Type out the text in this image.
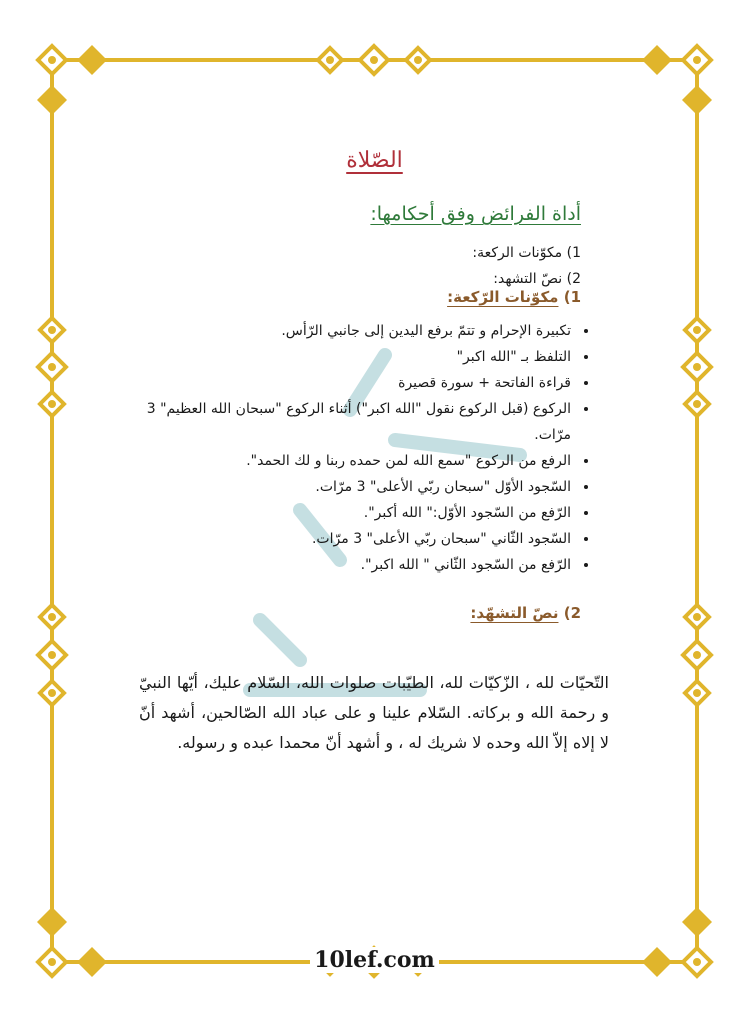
الصّلاة
أداة الفرائض وفق أحكامها:
1) مكوّنات الركعة:
2) نصّ التشهد:
1) مكوّنات الرّكعة:
• تكبيرة الإحرام و تتمّ برفع اليدين إلى جانبي الرّأس.
• التلفظ بـ "الله اكبر"
• قراءة الفاتحة + سورة قصيرة
• الركوع (قبل الركوع نقول "الله اكبر") أثناء الركوع "سبحان الله العظيم" 3 مرّات.
• الرفع من الركوع "سمع الله لمن حمده ربنا و لك الحمد".
• السّجود الأوّل "سبحان ربّي الأعلى" 3 مرّات.
• الرّفع من السّجود الأوّل:" الله أكبر".
• السّجود الثّاني "سبحان ربّي الأعلى" 3 مرّات.
• الرّفع من السّجود الثّاني " الله اكبر".
2) نصّ التشهّد:

التّحيّات لله ، الزّكيّات لله، الطيّبات صلوات الله، السّلام عليك، أيّها النبيّ و رحمة الله و بركاته. السّلام علينا و على عباد الله الصّالحين، أشهد أنّ لا إلاه إلاّ الله وحده لا شريك له ، و أشهد أنّ محمدا عبده و رسوله.

10lef.com
